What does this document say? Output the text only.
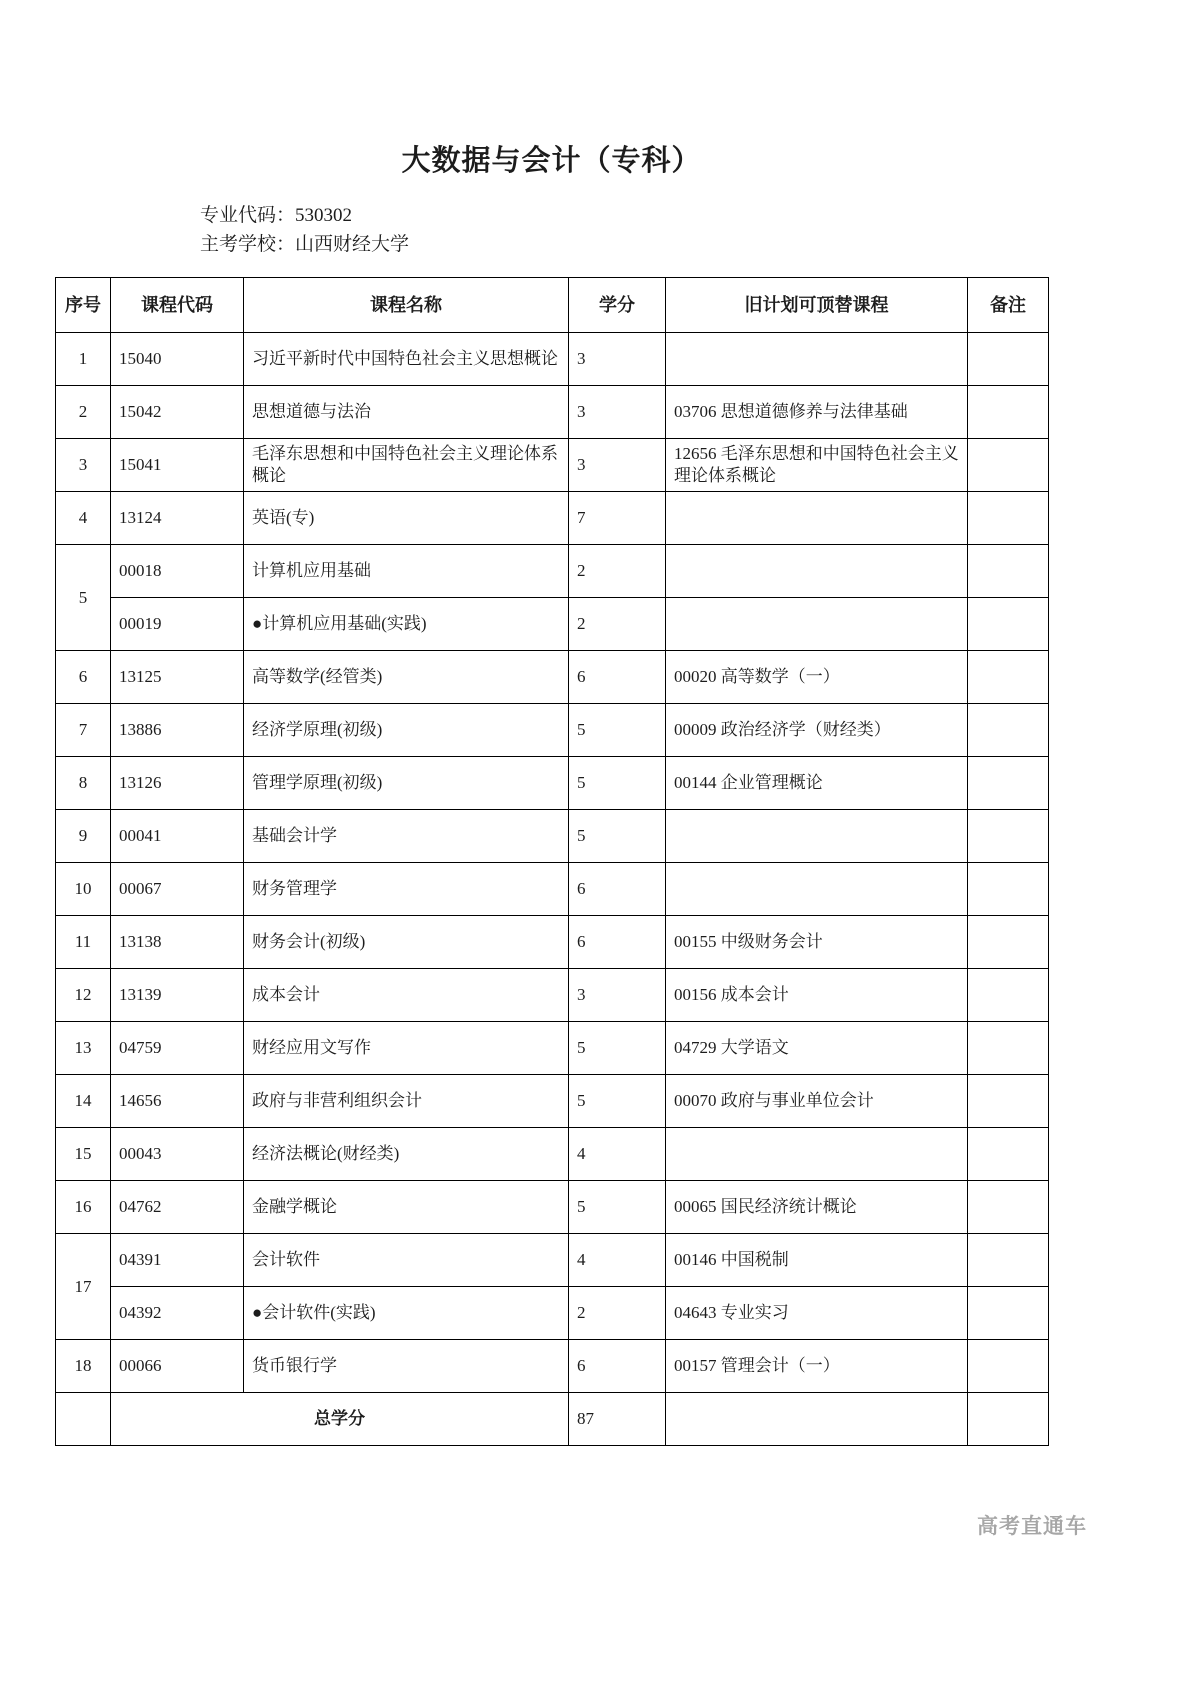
大数据与会计（专科）
专业代码：530302
主考学校：山西财经大学
序号	课程代码	课程名称	学分	旧计划可顶替课程	备注
1	15040	习近平新时代中国特色社会主义思想概论	3		
2	15042	思想道德与法治	3	03706 思想道德修养与法律基础	
3	15041	毛泽东思想和中国特色社会主义理论体系概论	3	12656 毛泽东思想和中国特色社会主义理论体系概论	
4	13124	英语(专)	7		
5	00018	计算机应用基础	2		
	00019	●计算机应用基础(实践)	2		
6	13125	高等数学(经管类)	6	00020 高等数学（一）	
7	13886	经济学原理(初级)	5	00009 政治经济学（财经类）	
8	13126	管理学原理(初级)	5	00144 企业管理概论	
9	00041	基础会计学	5		
10	00067	财务管理学	6		
11	13138	财务会计(初级)	6	00155 中级财务会计	
12	13139	成本会计	3	00156 成本会计	
13	04759	财经应用文写作	5	04729 大学语文	
14	14656	政府与非营利组织会计	5	00070 政府与事业单位会计	
15	00043	经济法概论(财经类)	4		
16	04762	金融学概论	5	00065 国民经济统计概论	
17	04391	会计软件	4	00146 中国税制	
	04392	●会计软件(实践)	2	04643 专业实习	
18	00066	货币银行学	6	00157 管理会计（一）	
	总学分		87		
高考直通车
